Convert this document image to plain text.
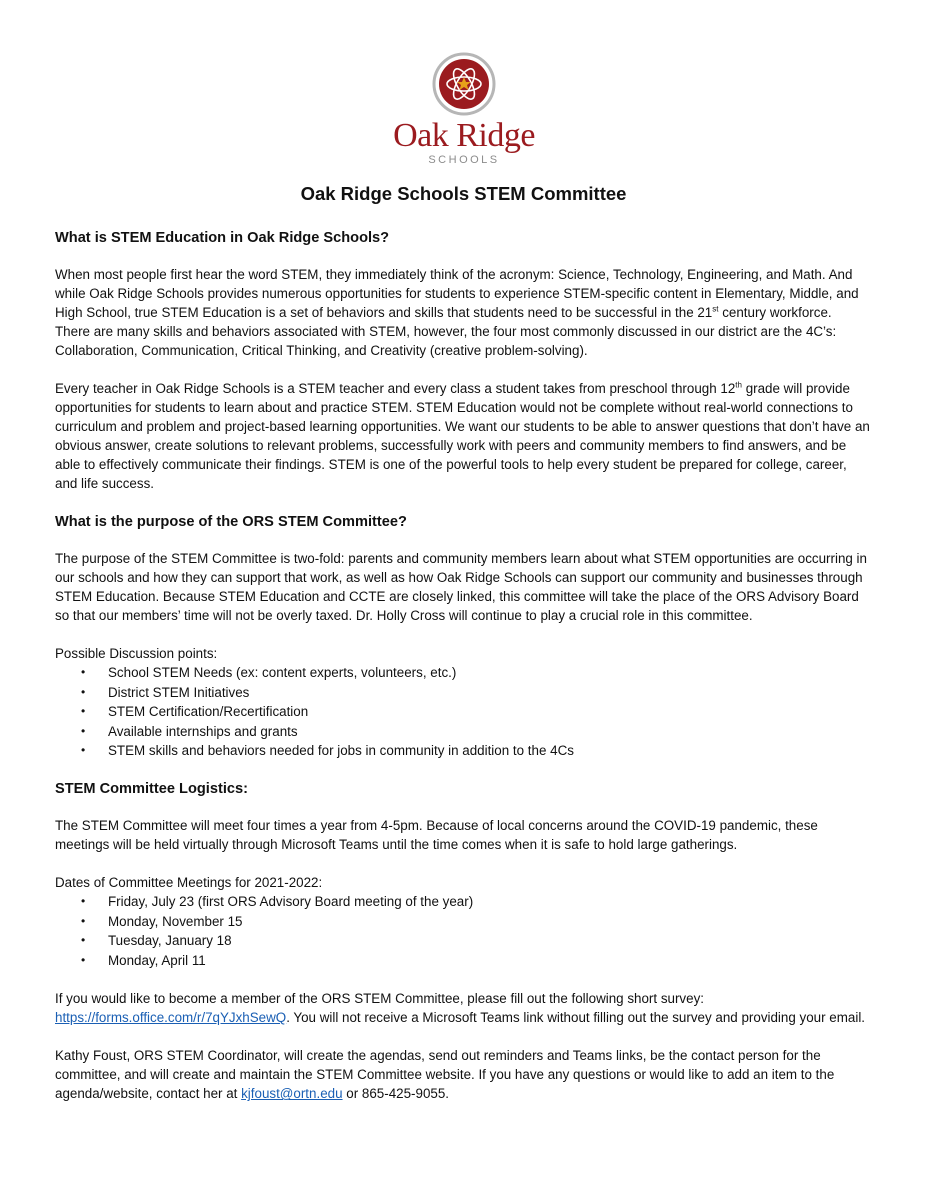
Oak Ridge
SCHOOLS
Oak Ridge Schools STEM Committee
What is STEM Education in Oak Ridge Schools?

When most people first hear the word STEM, they immediately think of the acronym: Science, Technology, Engineering, and Math. And while Oak Ridge Schools provides numerous opportunities for students to experience STEM-specific content in Elementary, Middle, and High School, true STEM Education is a set of behaviors and skills that students need to be successful in the 21st century workforce. There are many skills and behaviors associated with STEM, however, the four most commonly discussed in our district are the 4C’s: Collaboration, Communication, Critical Thinking, and Creativity (creative problem-solving).

Every teacher in Oak Ridge Schools is a STEM teacher and every class a student takes from preschool through 12th grade will provide opportunities for students to learn about and practice STEM. STEM Education would not be complete without real-world connections to curriculum and problem and project-based learning opportunities. We want our students to be able to answer questions that don’t have an obvious answer, create solutions to relevant problems, successfully work with peers and community members to find answers, and be able to effectively communicate their findings. STEM is one of the powerful tools to help every student be prepared for college, career, and life success.

What is the purpose of the ORS STEM Committee?

The purpose of the STEM Committee is two-fold: parents and community members learn about what STEM opportunities are occurring in our schools and how they can support that work, as well as how Oak Ridge Schools can support our community and businesses through STEM Education. Because STEM Education and CCTE are closely linked, this committee will take the place of the ORS Advisory Board so that our members’ time will not be overly taxed. Dr. Holly Cross will continue to play a crucial role in this committee.

Possible Discussion points:
• School STEM Needs (ex: content experts, volunteers, etc.)
• District STEM Initiatives
• STEM Certification/Recertification
• Available internships and grants
• STEM skills and behaviors needed for jobs in community in addition to the 4Cs
STEM Committee Logistics:

The STEM Committee will meet four times a year from 4-5pm. Because of local concerns around the COVID-19 pandemic, these meetings will be held virtually through Microsoft Teams until the time comes when it is safe to hold large gatherings.

Dates of Committee Meetings for 2021-2022:
• Friday, July 23 (first ORS Advisory Board meeting of the year)
• Monday, November 15
• Tuesday, January 18
• Monday, April 11

If you would like to become a member of the ORS STEM Committee, please fill out the following short survey: https://forms.office.com/r/7qYJxhSewQ. You will not receive a Microsoft Teams link without filling out the survey and providing your email.

Kathy Foust, ORS STEM Coordinator, will create the agendas, send out reminders and Teams links, be the contact person for the committee, and will create and maintain the STEM Committee website. If you have any questions or would like to add an item to the agenda/website, contact her at kjfoust@ortn.edu or 865-425-9055.
